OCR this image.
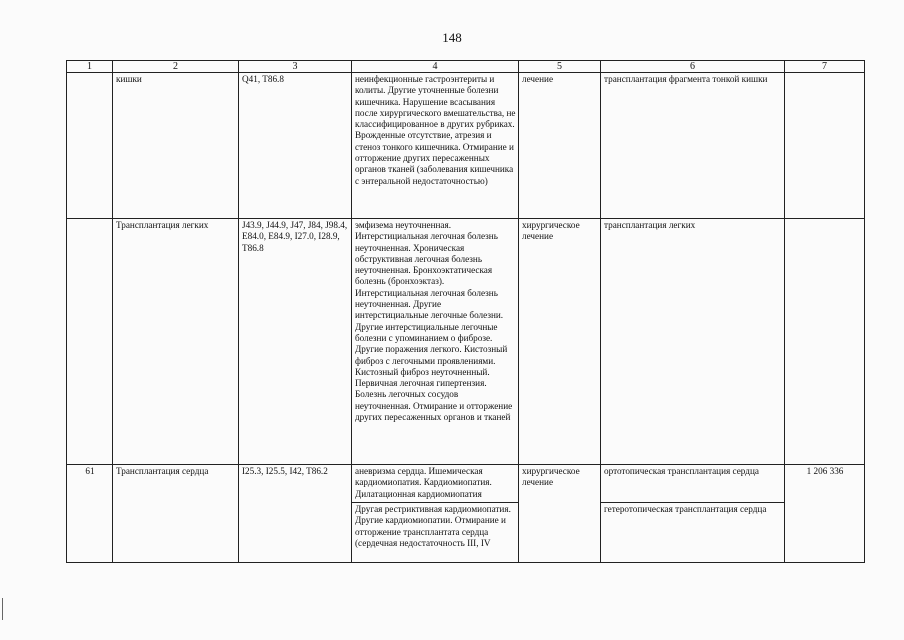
148
1	2	3	4	5	6	7
	кишки	Q41, T86.8	неинфекционные гастроэнтериты и колиты. Другие уточненные болезни кишечника. Нарушение всасывания после хирургического вмешательства, не классифицированное в других рубриках. Врожденные отсутствие, атрезия и стеноз тонкого кишечника. Отмирание и отторжение других пересаженных органов тканей (заболевания кишечника с энтеральной недостаточностью)	лечение	трансплантация фрагмента тонкой кишки	
	Трансплантация легких	J43.9, J44.9, J47, J84, J98.4, E84.0, E84.9, I27.0, I28.9, T86.8	эмфизема неуточненная. Интерстициальная легочная болезнь неуточненная. Хроническая обструктивная легочная болезнь неуточненная. Бронхоэктатическая болезнь (бронхоэктаз). Интерстициальная легочная болезнь неуточненная. Другие интерстициальные легочные болезни. Другие интерстициальные легочные болезни с упоминанием о фиброзе. Другие поражения легкого. Кистозный фиброз с легочными проявлениями. Кистозный фиброз неуточненный. Первичная легочная гипертензия. Болезнь легочных сосудов неуточненная. Отмирание и отторжение других пересаженных органов и тканей	хирургическое лечение	трансплантация легких	
61	Трансплантация сердца	I25.3, I25.5, I42, T86.2	аневризма сердца. Ишемическая кардиомиопатия. Кардиомиопатия. Дилатационная кардиомиопатия	хирургическое лечение	ортотопическая трансплантация сердца	1 206 336
			Другая рестриктивная кардиомиопатия. Другие кардиомиопатии. Отмирание и отторжение трансплантата сердца (сердечная недостаточность III, IV		гетеротопическая трансплантация сердца	
